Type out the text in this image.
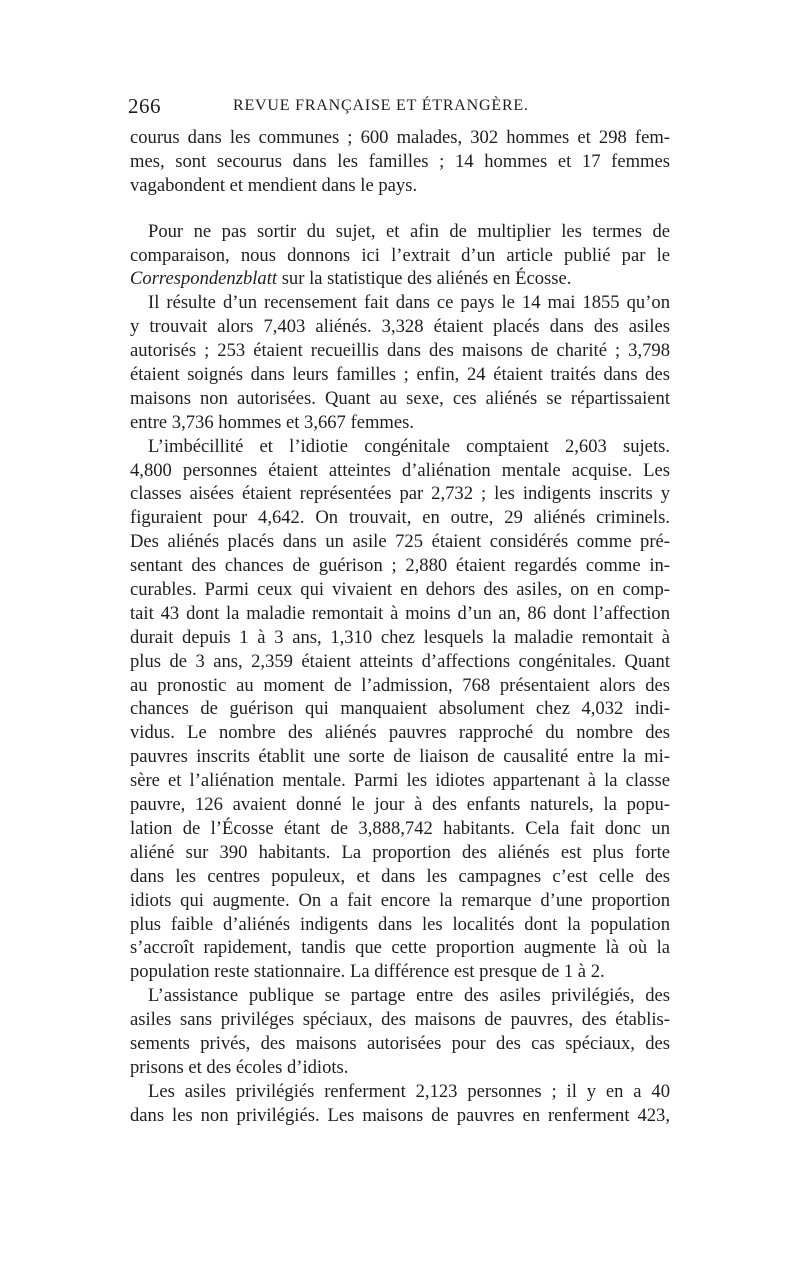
266	REVUE FRANÇAISE ET ÉTRANGÈRE.
courus dans les communes ; 600 malades, 302 hommes et 298 fem-
mes, sont secourus dans les familles ; 14 hommes et 17 femmes
vagabondent et mendient dans le pays.
Pour ne pas sortir du sujet, et afin de multiplier les termes de
comparaison, nous donnons ici l’extrait d’un article publié par le
Correspondenzblatt sur la statistique des aliénés en Écosse.
Il résulte d’un recensement fait dans ce pays le 14 mai 1855 qu’on
y trouvait alors 7,403 aliénés. 3,328 étaient placés dans des asiles
autorisés ; 253 étaient recueillis dans des maisons de charité ; 3,798
étaient soignés dans leurs familles ; enfin, 24 étaient traités dans des
maisons non autorisées. Quant au sexe, ces aliénés se répartissaient
entre 3,736 hommes et 3,667 femmes.
L’imbécillité et l’idiotie congénitale comptaient 2,603 sujets.
4,800 personnes étaient atteintes d’aliénation mentale acquise. Les
classes aisées étaient représentées par 2,732 ; les indigents inscrits y
figuraient pour 4,642. On trouvait, en outre, 29 aliénés criminels.
Des aliénés placés dans un asile 725 étaient considérés comme pré-
sentant des chances de guérison ; 2,880 étaient regardés comme in-
curables. Parmi ceux qui vivaient en dehors des asiles, on en comp-
tait 43 dont la maladie remontait à moins d’un an, 86 dont l’affection
durait depuis 1 à 3 ans, 1,310 chez lesquels la maladie remontait à
plus de 3 ans, 2,359 étaient atteints d’affections congénitales. Quant
au pronostic au moment de l’admission, 768 présentaient alors des
chances de guérison qui manquaient absolument chez 4,032 indi-
vidus. Le nombre des aliénés pauvres rapproché du nombre des
pauvres inscrits établit une sorte de liaison de causalité entre la mi-
sère et l’aliénation mentale. Parmi les idiotes appartenant à la classe
pauvre, 126 avaient donné le jour à des enfants naturels, la popu-
lation de l’Écosse étant de 3,888,742 habitants. Cela fait donc un
aliéné sur 390 habitants. La proportion des aliénés est plus forte
dans les centres populeux, et dans les campagnes c’est celle des
idiots qui augmente. On a fait encore la remarque d’une proportion
plus faible d’aliénés indigents dans les localités dont la population
s’accroît rapidement, tandis que cette proportion augmente là où la
population reste stationnaire. La différence est presque de 1 à 2.
L’assistance publique se partage entre des asiles privilégiés, des
asiles sans priviléges spéciaux, des maisons de pauvres, des établis-
sements privés, des maisons autorisées pour des cas spéciaux, des
prisons et des écoles d’idiots.
Les asiles privilégiés renferment 2,123 personnes ; il y en a 40
dans les non privilégiés. Les maisons de pauvres en renferment 423,
